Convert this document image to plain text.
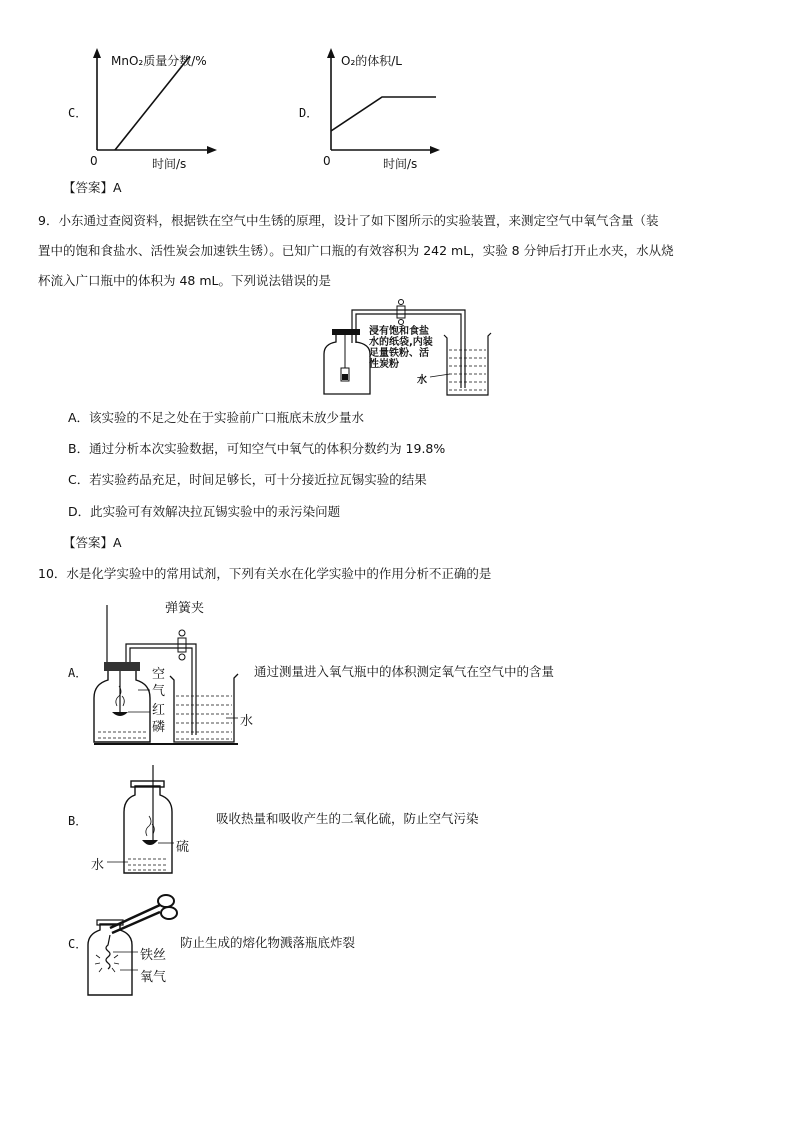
C．
MnO₂质量分数/%
0	时间/s
D．
O₂的体积/L
0	时间/s
【答案】A
9．小东通过查阅资料，根据铁在空气中生锈的原理，设计了如下图所示的实验装置，来测定空气中氧气含量（装
置中的饱和食盐水、活性炭会加速铁生锈）。已知广口瓶的有效容积为 242 mL，实验 8 分钟后打开止水夹，水从烧
杯流入广口瓶中的体积为 48 mL。下列说法错误的是
浸有饱和食盐
水的纸袋,内装
足量铁粉、活
性炭粉
水
A．该实验的不足之处在于实验前广口瓶底未放少量水
B．通过分析本次实验数据，可知空气中氧气的体积分数约为 19.8%
C．若实验药品充足，时间足够长，可十分接近拉瓦锡实验的结果
D．此实验可有效解决拉瓦锡实验中的汞污染问题
【答案】A
10．水是化学实验中的常用试剂，下列有关水在化学实验中的作用分析不正确的是
A．
弹簧夹
空
气
红
磷	水
通过测量进入氧气瓶中的体积测定氧气在空气中的含量
B．
硫
水
吸收热量和吸收产生的二氧化硫，防止空气污染
C．
铁丝
氧气
防止生成的熔化物溅落瓶底炸裂
